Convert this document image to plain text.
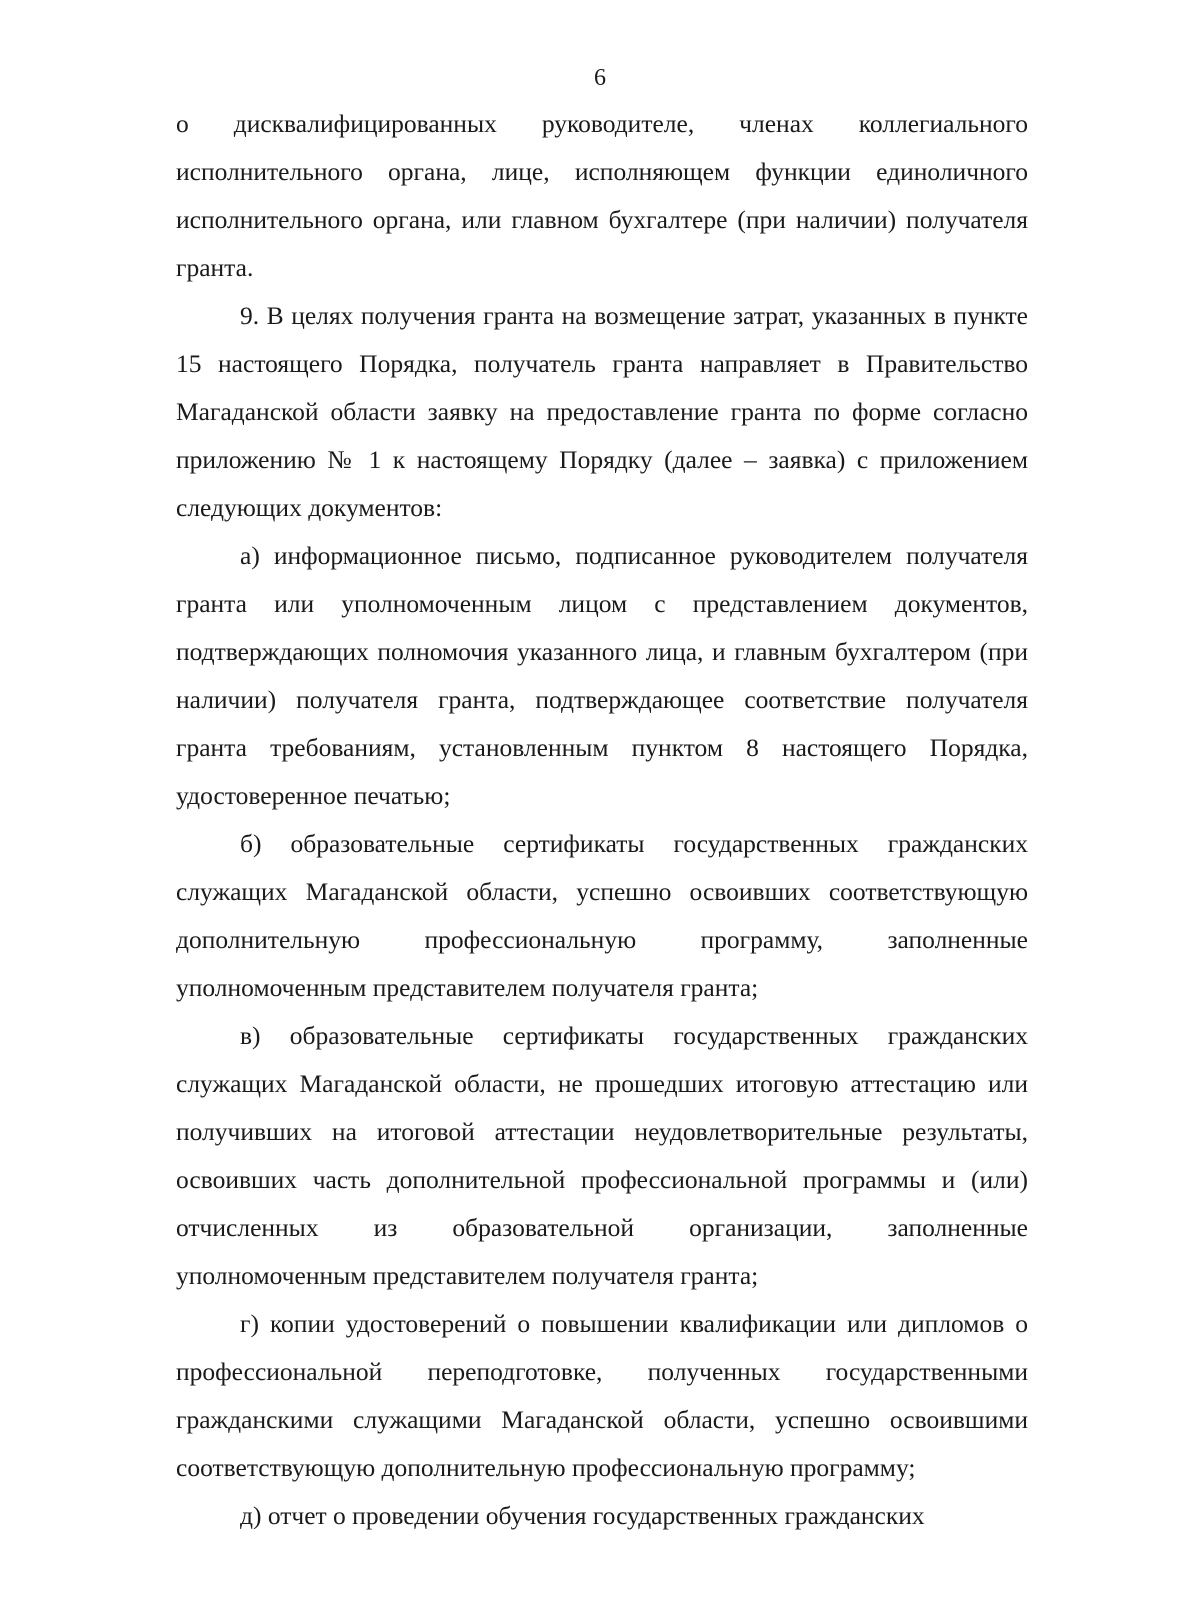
6

о дисквалифицированных руководителе, членах коллегиального исполнительного органа, лице, исполняющем функции единоличного исполнительного органа, или главном бухгалтере (при наличии) получателя гранта.

9. В целях получения гранта на возмещение затрат, указанных в пункте 15 настоящего Порядка, получатель гранта направляет в Правительство Магаданской области заявку на предоставление гранта по форме согласно приложению № 1 к настоящему Порядку (далее – заявка) с приложением следующих документов:

а) информационное письмо, подписанное руководителем получателя гранта или уполномоченным лицом с представлением документов, подтверждающих полномочия указанного лица, и главным бухгалтером (при наличии) получателя гранта, подтверждающее соответствие получателя гранта требованиям, установленным пунктом 8 настоящего Порядка, удостоверенное печатью;

б) образовательные сертификаты государственных гражданских служащих Магаданской области, успешно освоивших соответствующую дополнительную профессиональную программу, заполненные уполномоченным представителем получателя гранта;

в) образовательные сертификаты государственных гражданских служащих Магаданской области, не прошедших итоговую аттестацию или получивших на итоговой аттестации неудовлетворительные результаты, освоивших часть дополнительной профессиональной программы и (или) отчисленных из образовательной организации, заполненные уполномоченным представителем получателя гранта;

г) копии удостоверений о повышении квалификации или дипломов о профессиональной переподготовке, полученных государственными гражданскими служащими Магаданской области, успешно освоившими соответствующую дополнительную профессиональную программу;

д) отчет о проведении обучения государственных гражданских
